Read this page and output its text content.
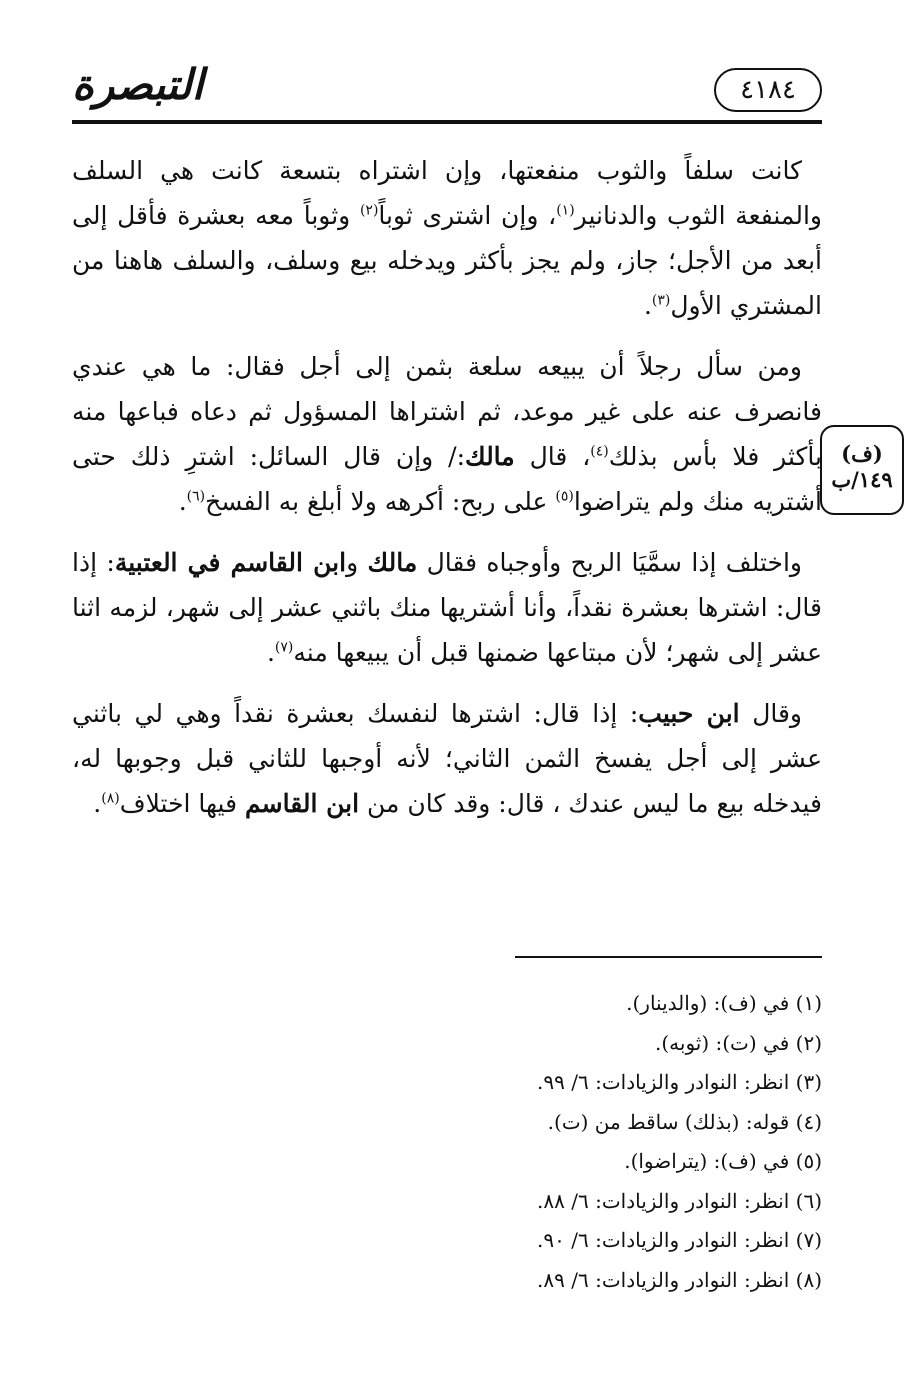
التبصرة	٤١٨٤
(ف)
١٤٩/ب

كانت سلفاً والثوب منفعتها، وإن اشتراه بتسعة كانت هي السلف والمنفعة الثوب والدنانير$^{(١)}$، وإن اشترى ثوباً$^{(٢)}$ وثوباً معه بعشرة فأقل إلى أبعد من الأجل؛ جاز، ولم يجز بأكثر ويدخله بيع وسلف، والسلف هاهنا من المشتري الأول$^{(٣)}$.

ومن سأل رجلاً أن يبيعه سلعة بثمن إلى أجل فقال: ما هي عندي فانصرف عنه على غير موعد، ثم اشتراها المسؤول ثم دعاه فباعها منه بأكثر فلا بأس بذلك$^{(٤)}$، قال مالك:/ وإن قال السائل: اشترِ ذلك حتى أشتريه منك ولم يتراضوا$^{(٥)}$ على ربح: أكرهه ولا أبلغ به الفسخ$^{(٦)}$.

واختلف إذا سمَّيَا الربح وأوجباه فقال مالك وابن القاسم في العتبية: إذا قال: اشترها بعشرة نقداً، وأنا أشتريها منك باثني عشر إلى شهر، لزمه اثنا عشر إلى شهر؛ لأن مبتاعها ضمنها قبل أن يبيعها منه$^{(٧)}$.

وقال ابن حبيب: إذا قال: اشترها لنفسك بعشرة نقداً وهي لي باثني عشر إلى أجل يفسخ الثمن الثاني؛ لأنه أوجبها للثاني قبل وجوبها له، فيدخله بيع ما ليس عندك ، قال: وقد كان من ابن القاسم فيها اختلاف$^{(٨)}$.

(١) في (ف): (والدينار).

(٢) في (ت): (ثوبه).

(٣) انظر: النوادر والزيادات: ٦/ ٩٩.

(٤) قوله: (بذلك) ساقط من (ت).

(٥) في (ف): (يتراضوا).

(٦) انظر: النوادر والزيادات: ٦/ ٨٨.

(٧) انظر: النوادر والزيادات: ٦/ ٩٠.

(٨) انظر: النوادر والزيادات: ٦/ ٨٩.
